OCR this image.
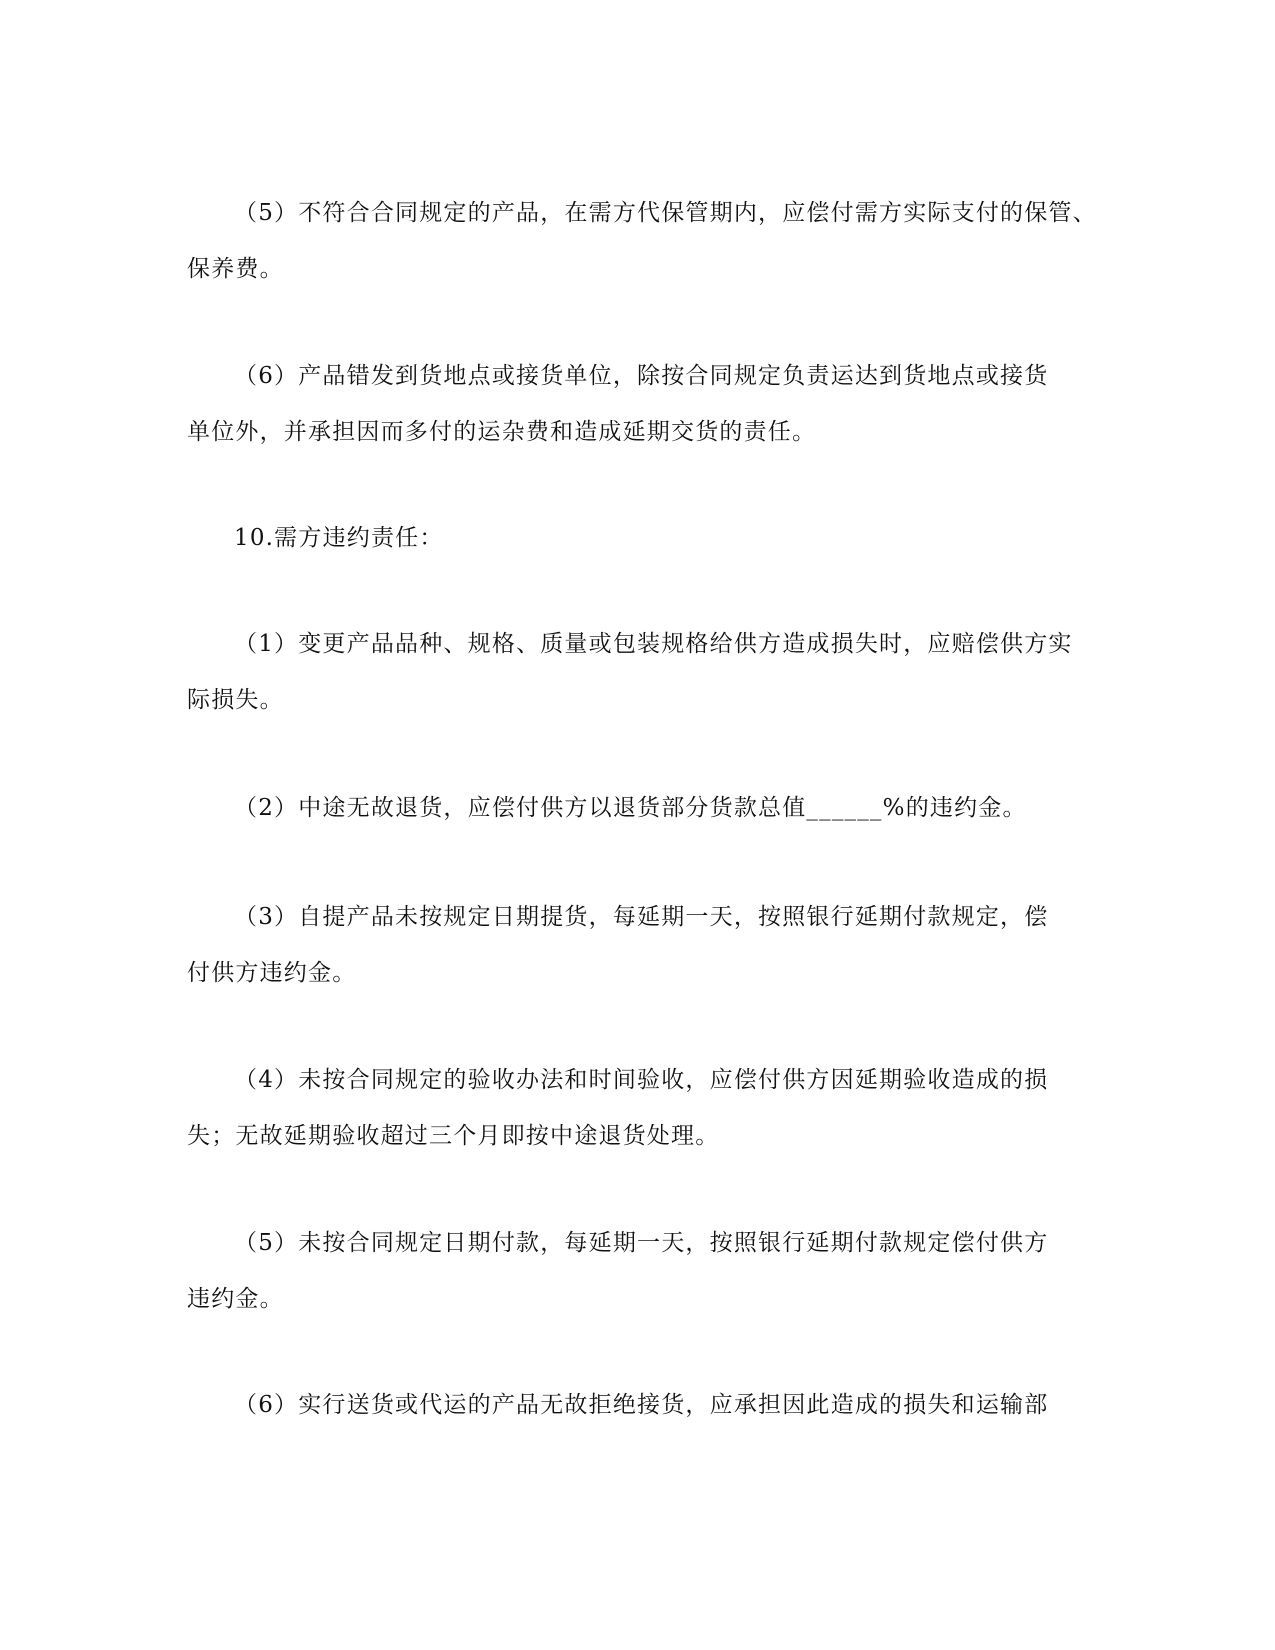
（5）不符合合同规定的产品，在需方代保管期内，应偿付需方实际支付的保管、
保养费。
（6）产品错发到货地点或接货单位，除按合同规定负责运达到货地点或接货
单位外，并承担因而多付的运杂费和造成延期交货的责任。
10.需方违约责任：
（1）变更产品品种、规格、质量或包装规格给供方造成损失时，应赔偿供方实
际损失。
（2）中途无故退货，应偿付供方以退货部分货款总值______%的违约金。
（3）自提产品未按规定日期提货，每延期一天，按照银行延期付款规定，偿
付供方违约金。
（4）未按合同规定的验收办法和时间验收，应偿付供方因延期验收造成的损
失；无故延期验收超过三个月即按中途退货处理。
（5）未按合同规定日期付款，每延期一天，按照银行延期付款规定偿付供方
违约金。
（6）实行送货或代运的产品无故拒绝接货，应承担因此造成的损失和运输部
